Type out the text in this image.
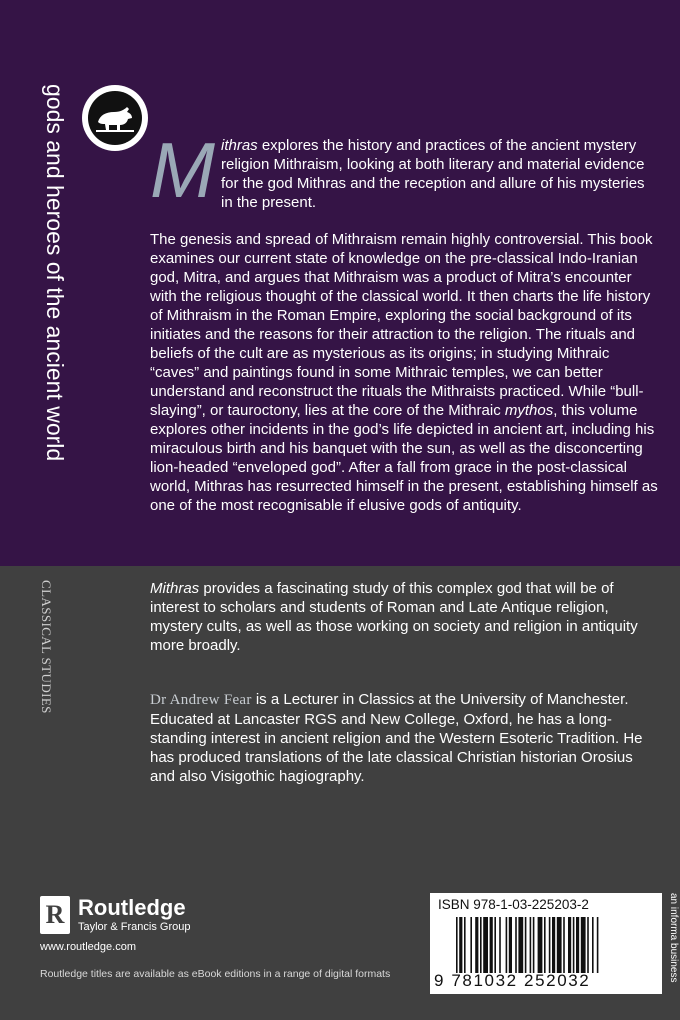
gods and heroes of the ancient world Mithras explores the history and practices of the ancient mystery religion Mithraism, looking at both literary and material evidence for the god Mithras and the reception and allure of his mysteries in the present.
The genesis and spread of Mithraism remain highly controversial. This book examines our current state of knowledge on the pre-classical Indo-Iranian god, Mitra, and argues that Mithraism was a product of Mitra’s encounter with the religious thought of the classical world. It then charts the life history of Mithraism in the Roman Empire, exploring the social background of its initiates and the reasons for their attraction to the religion. The rituals and beliefs of the cult are as mysterious as its origins; in studying Mithraic “caves” and paintings found in some Mithraic temples, we can better understand and reconstruct the rituals the Mithraists practiced. While “bull-slaying”, or tauroctony, lies at the core of the Mithraic mythos, this volume explores other incidents in the god’s life depicted in ancient art, including his miraculous birth and his banquet with the sun, as well as the disconcerting lion-headed “enveloped god”. After a fall from grace in the post-classical world, Mithras has resurrected himself in the present, establishing himself as one of the most recognisable if elusive gods of antiquity.
CLASSICAL STUDIES	Mithras provides a fascinating study of this complex god that will be of interest to scholars and students of Roman and Late Antique religion, mystery cults, as well as those working on society and religion in antiquity more broadly.
Dr Andrew Fear is a Lecturer in Classics at the University of Manchester. Educated at Lancaster RGS and New College, Oxford, he has a long-standing interest in ancient religion and the Western Esoteric Tradition. He has produced translations of the late classical Christian historian Orosius and also Visigothic hagiography.
R Routledge
Taylor & Francis Group
www.routledge.com
Routledge titles are available as eBook editions in a range of digital formats
ISBN 978-1-03-225203-2
9 781032 252032	an informa business
